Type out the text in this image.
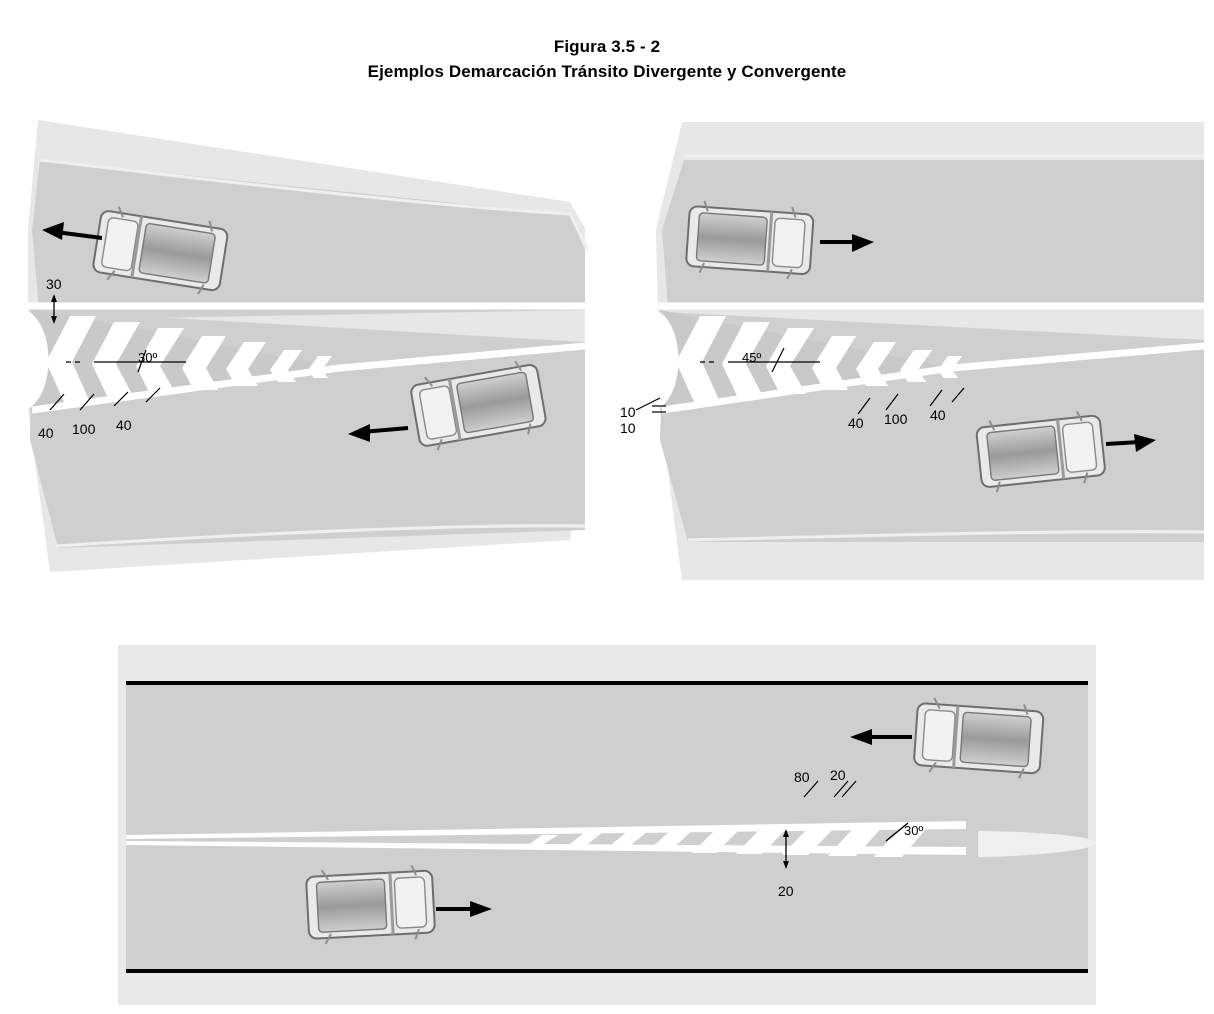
Figura 3.5 - 2
Ejemplos Demarcación Tránsito Divergente y Convergente
30
30º
40 100 40
45º
10
10	40 100 40
80 20
20
30º
